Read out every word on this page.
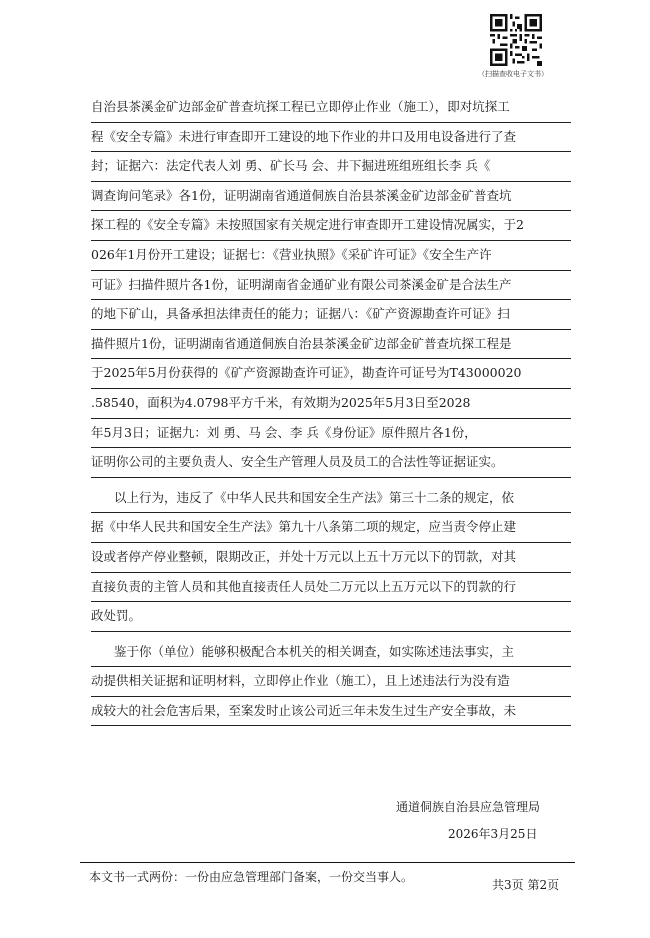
（扫描查收电子文书）
自治县茶溪金矿边部金矿普查坑探工程已立即停止作业（施工），即对坑探工
程《安全专篇》未进行审查即开工建设的地下作业的井口及用电设备进行了查
封；证据六：法定代表人刘 勇、矿长马 会、井下掘进班组班组长李 兵《
调查询问笔录》各1份，证明湖南省通道侗族自治县茶溪金矿边部金矿普查坑
探工程的《安全专篇》未按照国家有关规定进行审查即开工建设情况属实，于2
026年1月份开工建设；证据七：《营业执照》《采矿许可证》《安全生产许
可证》扫描件照片各1份，证明湖南省金通矿业有限公司茶溪金矿是合法生产
的地下矿山，具备承担法律责任的能力；证据八：《矿产资源勘查许可证》扫
描件照片1份，证明湖南省通道侗族自治县茶溪金矿边部金矿普查坑探工程是
于2025年5月份获得的《矿产资源勘查许可证》，勘查许可证号为T43000020
.58540，面积为4.0798平方千米，有效期为2025年5月3日至2028
年5月3日；证据九：刘 勇、马 会、李 兵《身份证》原件照片各1份，
证明你公司的主要负责人、安全生产管理人员及员工的合法性等证据证实。
以上行为，违反了《中华人民共和国安全生产法》第三十二条的规定，依
据《中华人民共和国安全生产法》第九十八条第二项的规定，应当责令停止建
设或者停产停业整顿，限期改正，并处十万元以上五十万元以下的罚款，对其
直接负责的主管人员和其他直接责任人员处二万元以上五万元以下的罚款的行
政处罚。
鉴于你（单位）能够积极配合本机关的相关调查，如实陈述违法事实，主
动提供相关证据和证明材料，立即停止作业（施工），且上述违法行为没有造
成较大的社会危害后果，至案发时止该公司近三年未发生过生产安全事故，未
通道侗族自治县应急管理局
2026年3月25日
本文书一式两份：一份由应急管理部门备案，一份交当事人。
共3页 第2页
